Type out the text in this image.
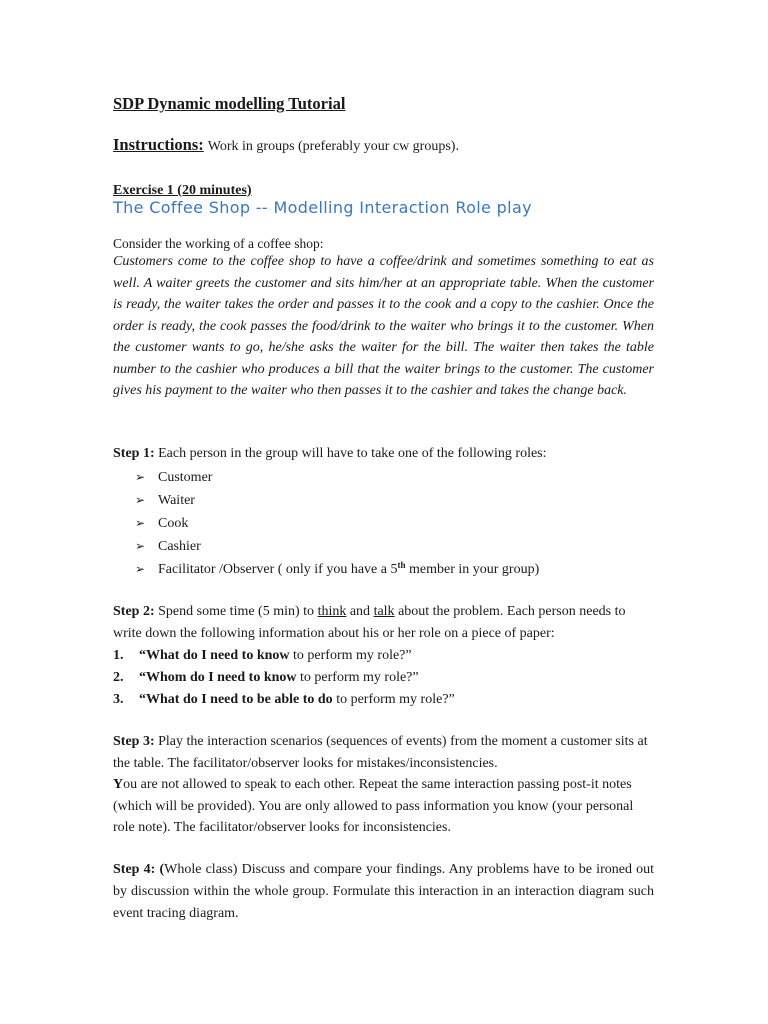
SDP Dynamic modelling Tutorial
Instructions: Work in groups (preferably your cw groups).
Exercise 1 (20 minutes)
The Coffee Shop -- Modelling Interaction Role play
Consider the working of a coffee shop:

Customers come to the coffee shop to have a coffee/drink and sometimes something to eat as well. A waiter greets the customer and sits him/her at an appropriate table. When the customer is ready, the waiter takes the order and passes it to the cook and a copy to the cashier. Once the order is ready, the cook passes the food/drink to the waiter who brings it to the customer. When the customer wants to go, he/she asks the waiter for the bill. The waiter then takes the table number to the cashier who produces a bill that the waiter brings to the customer. The customer gives his payment to the waiter who then passes it to the cashier and takes the change back.

Step 1: Each person in the group will have to take one of the following roles:
➢ Customer
➢ Waiter
➢ Cook
➢ Cashier
➢ Facilitator /Observer ( only if you have a 5th member in your group)

Step 2: Spend some time (5 min) to think and talk about the problem. Each person needs to write down the following information about his or her role on a piece of paper:

1. “What do I need to know to perform my role?”
2. “Whom do I need to know to perform my role?”
3. “What do I need to be able to do to perform my role?”

Step 3: Play the interaction scenarios (sequences of events) from the moment a customer sits at the table. The facilitator/observer looks for mistakes/inconsistencies.
You are not allowed to speak to each other. Repeat the same interaction passing post-it notes (which will be provided). You are only allowed to pass information you know (your personal role note). The facilitator/observer looks for inconsistencies.

Step 4: (Whole class) Discuss and compare your findings. Any problems have to be ironed out by discussion within the whole group. Formulate this interaction in an interaction diagram such event tracing diagram.
